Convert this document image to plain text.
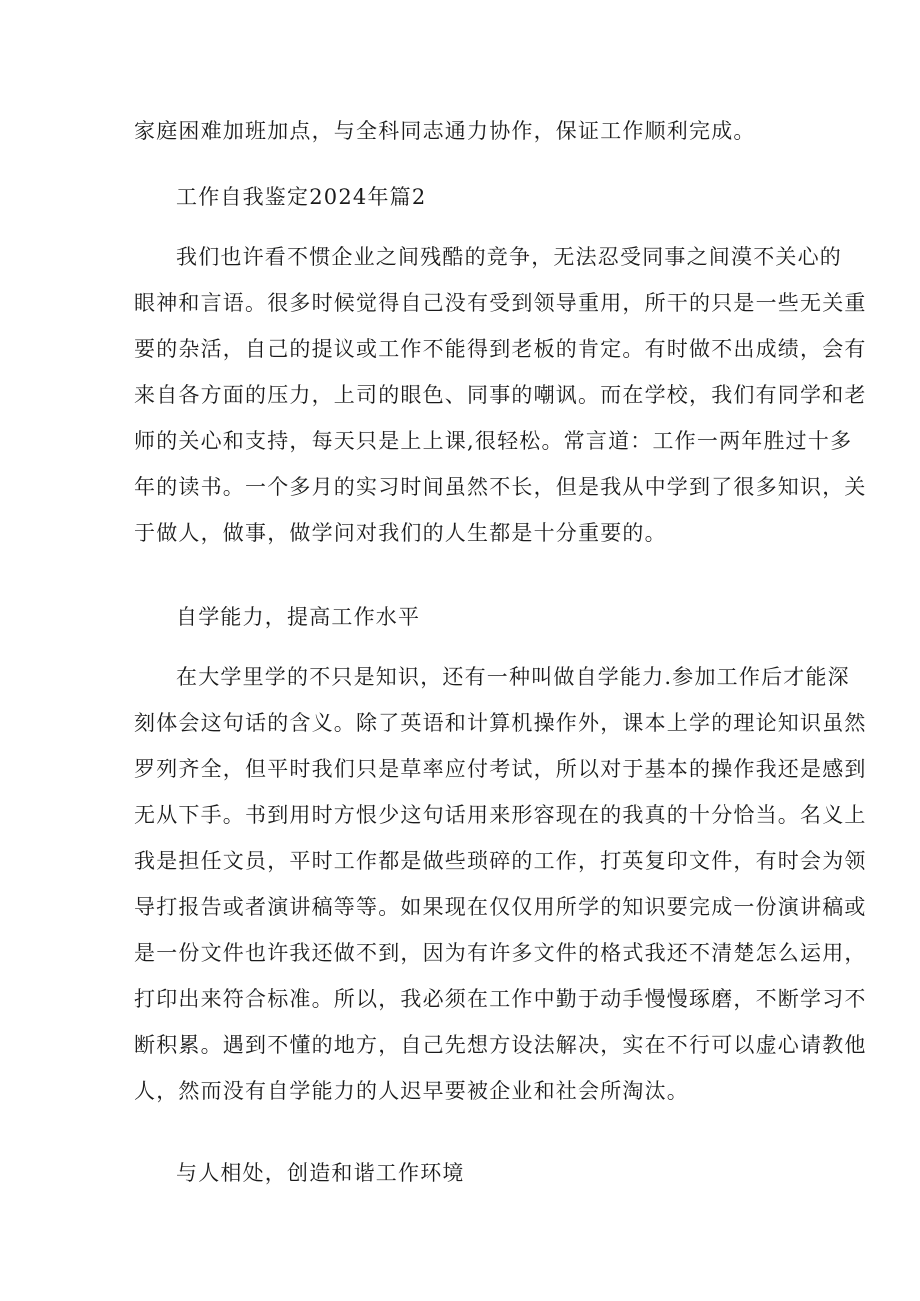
家庭困难加班加点，与全科同志通力协作，保证工作顺利完成。
工作自我鉴定2024年篇2
我们也许看不惯企业之间残酷的竞争，无法忍受同事之间漠不关心的
眼神和言语。很多时候觉得自己没有受到领导重用，所干的只是一些无关重
要的杂活，自己的提议或工作不能得到老板的肯定。有时做不出成绩，会有
来自各方面的压力，上司的眼色、同事的嘲讽。而在学校，我们有同学和老
师的关心和支持，每天只是上上课,很轻松。常言道：工作一两年胜过十多
年的读书。一个多月的实习时间虽然不长，但是我从中学到了很多知识，关
于做人，做事，做学问对我们的人生都是十分重要的。
自学能力，提高工作水平
在大学里学的不只是知识，还有一种叫做自学能力.参加工作后才能深
刻体会这句话的含义。除了英语和计算机操作外，课本上学的理论知识虽然
罗列齐全，但平时我们只是草率应付考试，所以对于基本的操作我还是感到
无从下手。书到用时方恨少这句话用来形容现在的我真的十分恰当。名义上
我是担任文员，平时工作都是做些琐碎的工作，打英复印文件，有时会为领
导打报告或者演讲稿等等。如果现在仅仅用所学的知识要完成一份演讲稿或
是一份文件也许我还做不到，因为有许多文件的格式我还不清楚怎么运用，
打印出来符合标准。所以，我必须在工作中勤于动手慢慢琢磨，不断学习不
断积累。遇到不懂的地方，自己先想方设法解决，实在不行可以虚心请教他
人，然而没有自学能力的人迟早要被企业和社会所淘汰。
与人相处，创造和谐工作环境
